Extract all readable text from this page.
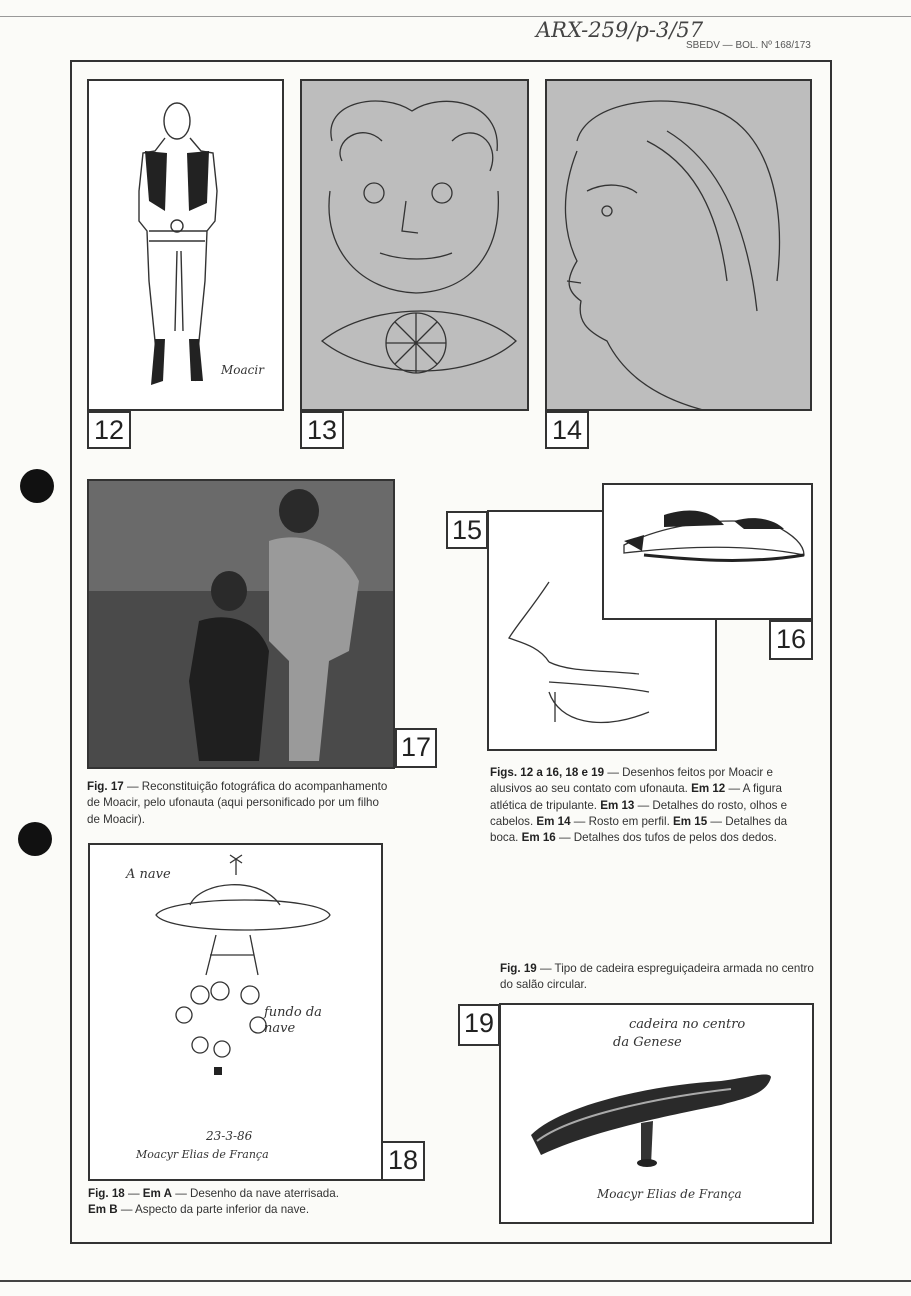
ARX-259/p-3/57
SBEDV — BOL. Nº 168/173
Moacir
12	13	14
17
15
16
Fig. 17 — Reconstituição fotográfica do acompanhamento de Moacir, pelo ufonauta (aqui personificado por um filho de Moacir).
Figs. 12 a 16, 18 e 19 — Desenhos feitos por Moacir e alusivos ao seu contato com ufonauta. Em 12 — A figura atlética de tripulante. Em 13 — Detalhes do rosto, olhos e cabelos. Em 14 — Rosto em perfil. Em 15 — Detalhes da boca. Em 16 — Detalhes dos tufos de pelos dos dedos.
A nave
fundo da nave
23-3-86
Moacyr Elias de França	18
Fig. 19 — Tipo de cadeira espreguiçadeira armada no centro do salão circular.
19	cadeira no centro
da Genese
Moacyr Elias de França
Fig. 18 — Em A — Desenho da nave aterrisada.
Em B — Aspecto da parte inferior da nave.
